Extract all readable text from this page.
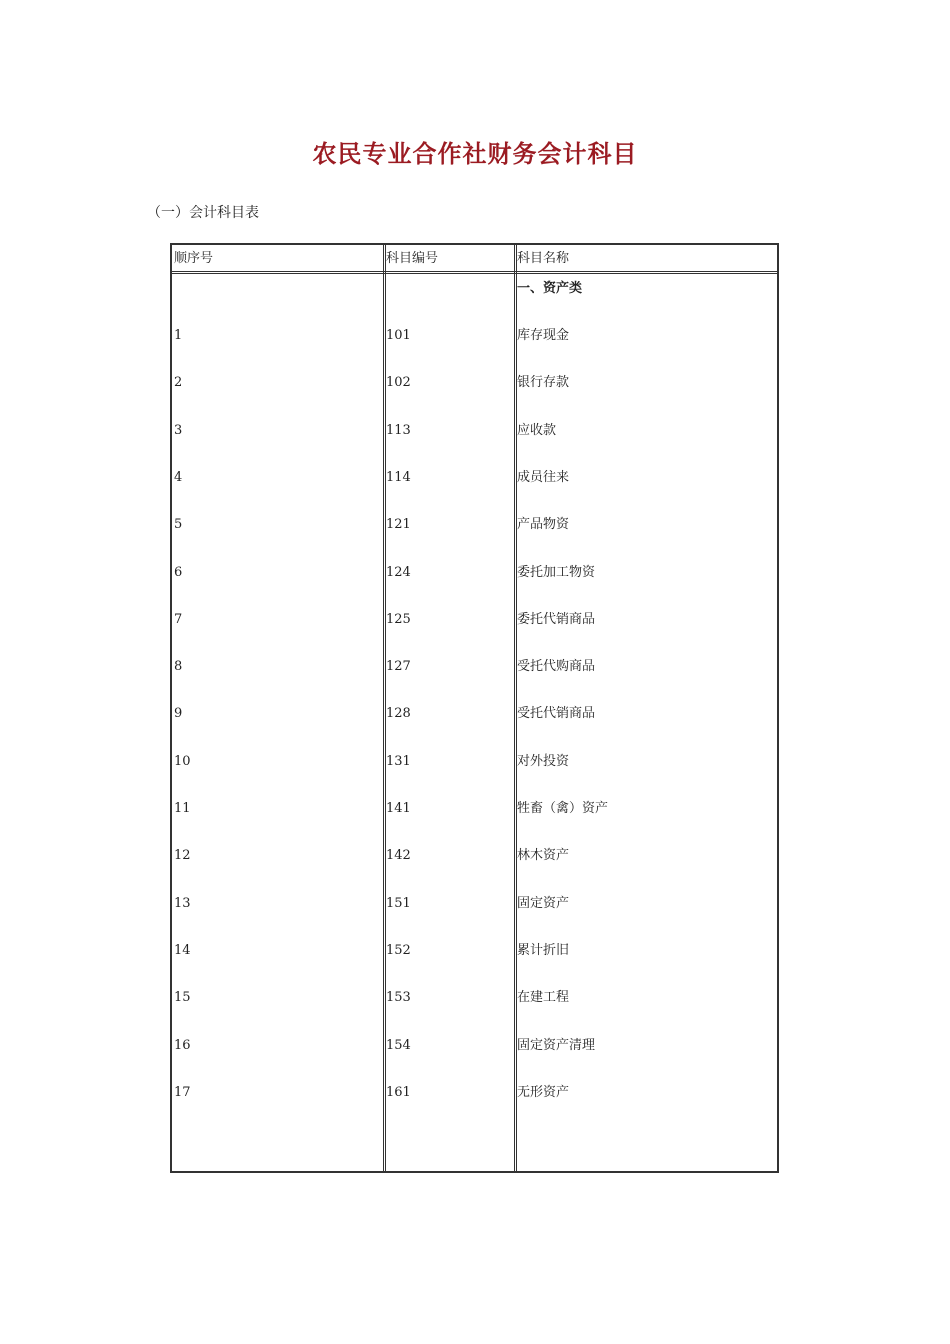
农民专业合作社财务会计科目
（一）会计科目表
顺序号	科目编号	科目名称
一、资产类
1	101	库存现金
2	102	银行存款
3	113	应收款
4	114	成员往来
5	121	产品物资
6	124	委托加工物资
7	125	委托代销商品
8	127	受托代购商品
9	128	受托代销商品
10	131	对外投资
11	141	牲畜（禽）资产
12	142	林木资产
13	151	固定资产
14	152	累计折旧
15	153	在建工程
16	154	固定资产清理
17	161	无形资产
